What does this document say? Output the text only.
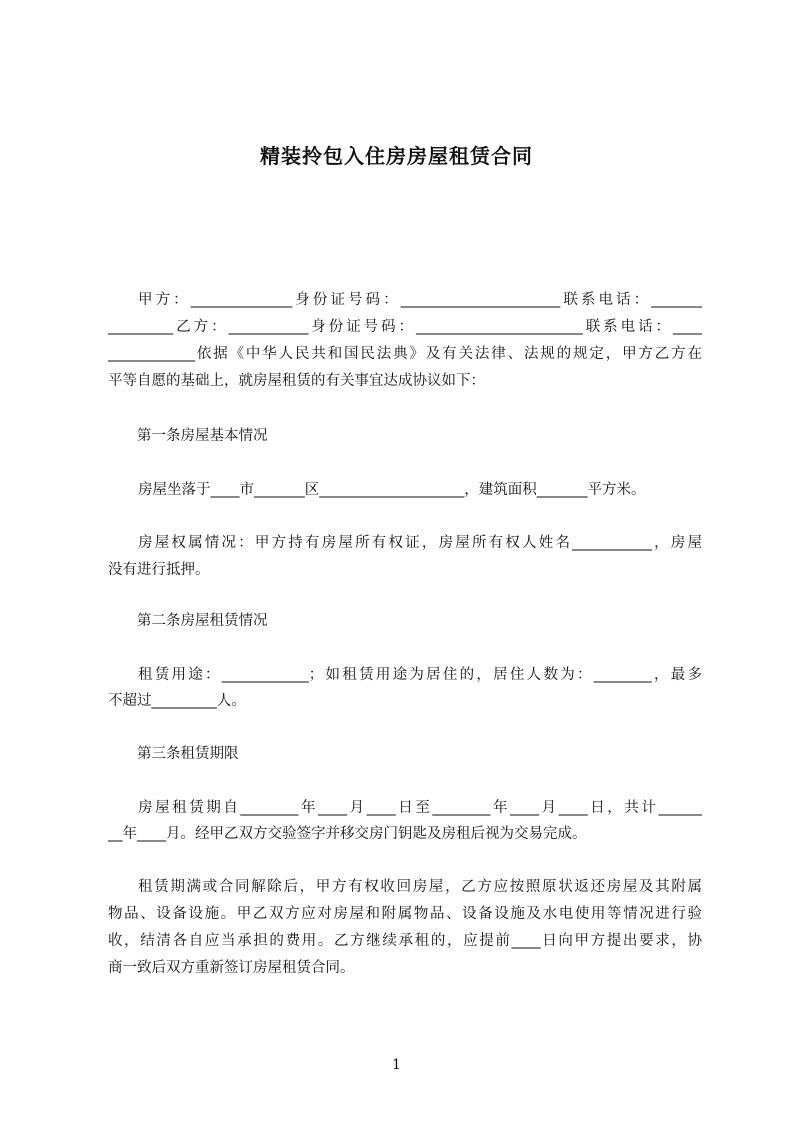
精装拎包入住房房屋租赁合同
甲方：______________身份证号码：______________________联系电话：_______
_________乙方：___________身份证号码：_______________________联系电话：____
____________依据《中华人民共和国民法典》及有关法律、法规的规定，甲方乙方在
平等自愿的基础上，就房屋租赁的有关事宜达成协议如下：
第一条房屋基本情况
房屋坐落于____市_______区____________________，建筑面积_______平方米。
房屋权属情况：甲方持有房屋所有权证，房屋所有权人姓名___________，房屋
没有进行抵押。
第二条房屋租赁情况
租赁用途：____________；如租赁用途为居住的，居住人数为：________，最多
不超过_________人。
第三条租赁期限
房屋租赁期自________年____月____日至________年____月____日，共计______
__年____月。经甲乙双方交验签字并移交房门钥匙及房租后视为交易完成。
租赁期满或合同解除后，甲方有权收回房屋，乙方应按照原状返还房屋及其附属
物品、设备设施。甲乙双方应对房屋和附属物品、设备设施及水电使用等情况进行验
收，结清各自应当承担的费用。乙方继续承租的，应提前____日向甲方提出要求，协
商一致后双方重新签订房屋租赁合同。
1
